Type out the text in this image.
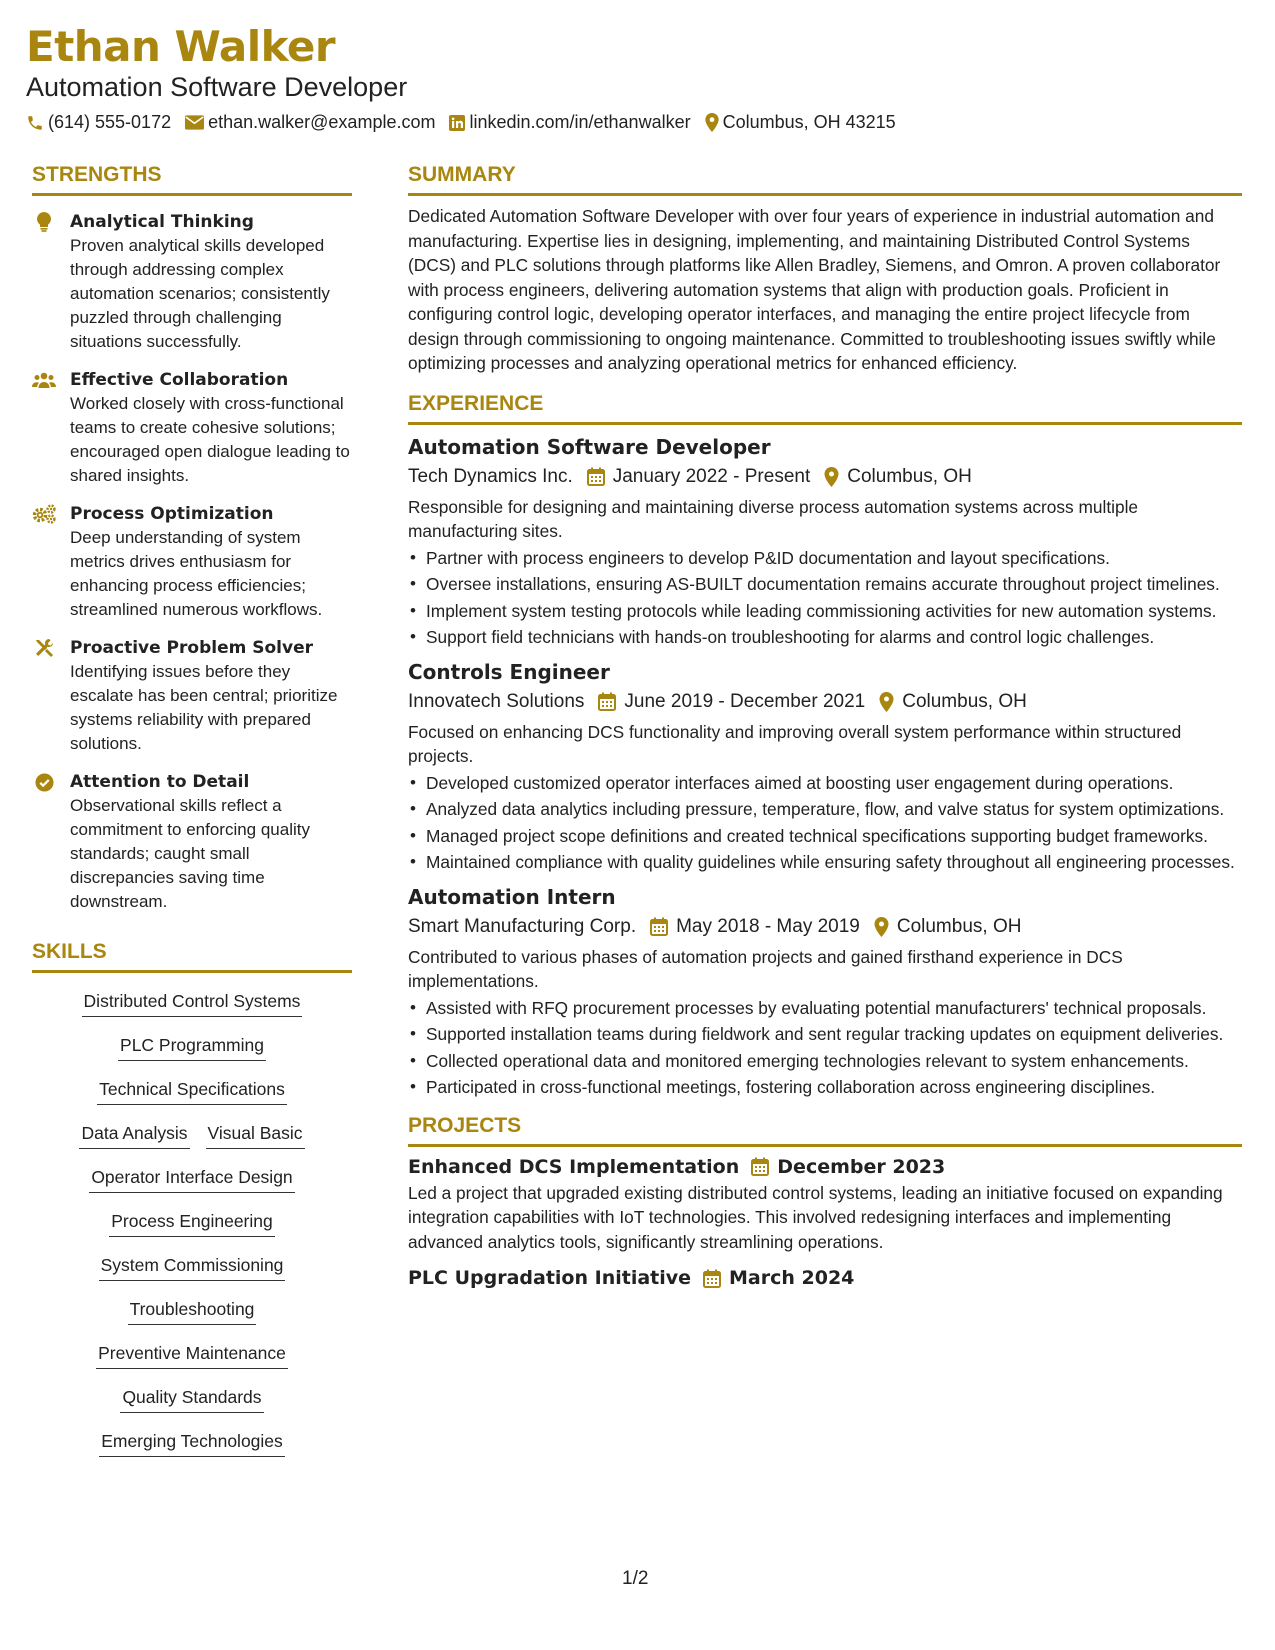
Ethan Walker
Automation Software Developer
(614) 555-0172 ethan.walker@example.com linkedin.com/in/ethanwalker Columbus, OH 43215
STRENGTHS
Analytical Thinking
Proven analytical skills developed through addressing complex automation scenarios; consistently puzzled through challenging situations successfully.
Effective Collaboration
Worked closely with cross-functional teams to create cohesive solutions; encouraged open dialogue leading to shared insights.
Process Optimization
Deep understanding of system metrics drives enthusiasm for enhancing process efficiencies; streamlined numerous workflows.
Proactive Problem Solver
Identifying issues before they escalate has been central; prioritize systems reliability with prepared solutions.
Attention to Detail
Observational skills reflect a commitment to enforcing quality standards; caught small discrepancies saving time downstream.
SKILLS
Distributed Control Systems
PLC Programming
Technical Specifications
Data Analysis Visual Basic
Operator Interface Design
Process Engineering
System Commissioning
Troubleshooting
Preventive Maintenance
Quality Standards
Emerging Technologies
SUMMARY
Dedicated Automation Software Developer with over four years of experience in industrial automation and manufacturing. Expertise lies in designing, implementing, and maintaining Distributed Control Systems (DCS) and PLC solutions through platforms like Allen Bradley, Siemens, and Omron. A proven collaborator with process engineers, delivering automation systems that align with production goals. Proficient in configuring control logic, developing operator interfaces, and managing the entire project lifecycle from design through commissioning to ongoing maintenance. Committed to troubleshooting issues swiftly while optimizing processes and analyzing operational metrics for enhanced efficiency.
EXPERIENCE
Automation Software Developer
Tech Dynamics Inc. January 2022 - Present Columbus, OH
Responsible for designing and maintaining diverse process automation systems across multiple manufacturing sites.
• Partner with process engineers to develop P&ID documentation and layout specifications.
• Oversee installations, ensuring AS-BUILT documentation remains accurate throughout project timelines.
• Implement system testing protocols while leading commissioning activities for new automation systems.
• Support field technicians with hands-on troubleshooting for alarms and control logic challenges.
Controls Engineer
Innovatech Solutions June 2019 - December 2021 Columbus, OH
Focused on enhancing DCS functionality and improving overall system performance within structured projects.
• Developed customized operator interfaces aimed at boosting user engagement during operations.
• Analyzed data analytics including pressure, temperature, flow, and valve status for system optimizations.
• Managed project scope definitions and created technical specifications supporting budget frameworks.
• Maintained compliance with quality guidelines while ensuring safety throughout all engineering processes.
Automation Intern
Smart Manufacturing Corp. May 2018 - May 2019 Columbus, OH
Contributed to various phases of automation projects and gained firsthand experience in DCS implementations.
• Assisted with RFQ procurement processes by evaluating potential manufacturers' technical proposals.
• Supported installation teams during fieldwork and sent regular tracking updates on equipment deliveries.
• Collected operational data and monitored emerging technologies relevant to system enhancements.
• Participated in cross-functional meetings, fostering collaboration across engineering disciplines.
PROJECTS
Enhanced DCS Implementation December 2023
Led a project that upgraded existing distributed control systems, leading an initiative focused on expanding integration capabilities with IoT technologies. This involved redesigning interfaces and implementing advanced analytics tools, significantly streamlining operations.
PLC Upgradation Initiative March 2024
1/2
